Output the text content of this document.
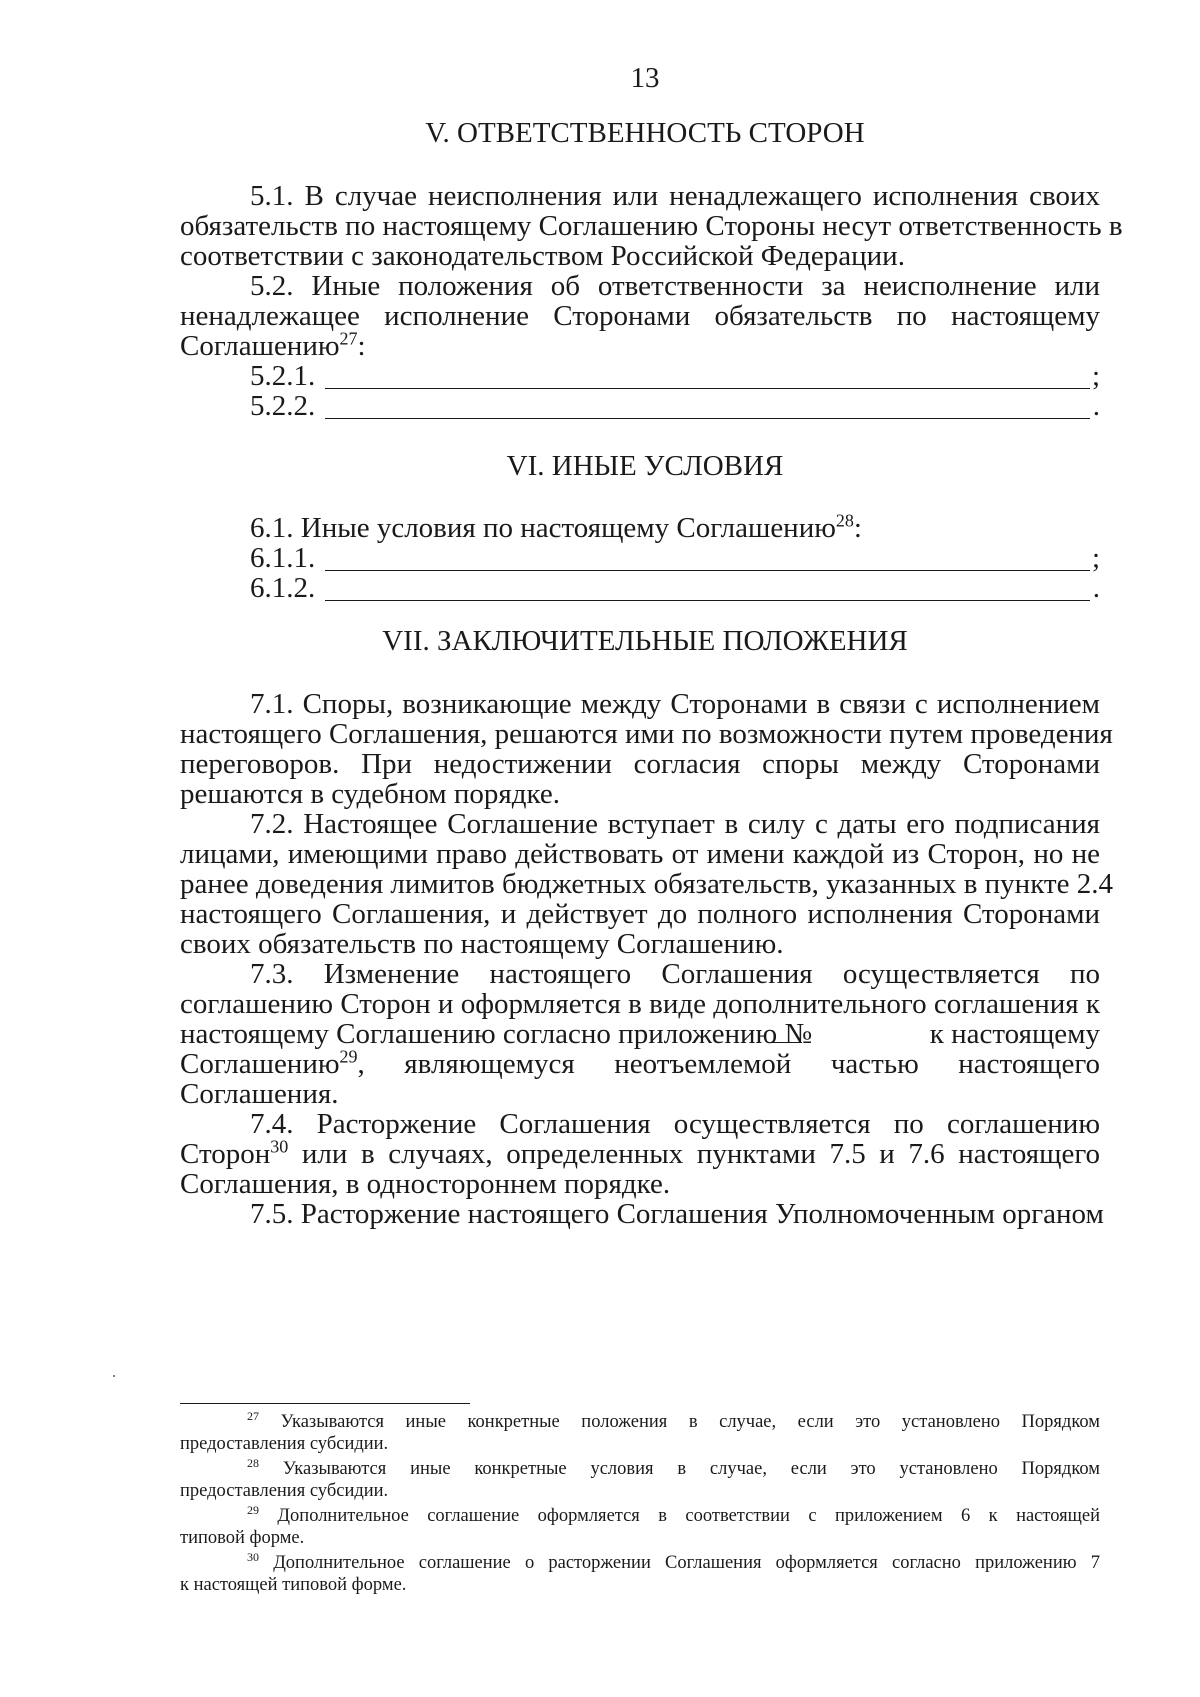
13
V. ОТВЕТСТВЕННОСТЬ СТОРОН
5.1. В случае неисполнения или ненадлежащего исполнения своих
обязательств по настоящему Соглашению Стороны несут ответственность в
соответствии с законодательством Российской Федерации.
5.2. Иные положения об ответственности за неисполнение или
ненадлежащее исполнение Сторонами обязательств по настоящему
Соглашению$^{27}$:
5.2.1.	;
5.2.2.	.
VI. ИНЫЕ УСЛОВИЯ
6.1. Иные условия по настоящему Соглашению$^{28}$:
6.1.1.	;
6.1.2.	.
VII. ЗАКЛЮЧИТЕЛЬНЫЕ ПОЛОЖЕНИЯ
7.1. Споры, возникающие между Сторонами в связи с исполнением
настоящего Соглашения, решаются ими по возможности путем проведения
переговоров. При недостижении согласия споры между Сторонами
решаются в судебном порядке.
7.2. Настоящее Соглашение вступает в силу с даты его подписания
лицами, имеющими право действовать от имени каждой из Сторон, но не
ранее доведения лимитов бюджетных обязательств, указанных в пункте 2.4
настоящего Соглашения, и действует до полного исполнения Сторонами
своих обязательств по настоящему Соглашению.
7.3. Изменение настоящего Соглашения осуществляется по
соглашению Сторон и оформляется в виде дополнительного соглашения к
настоящему Соглашению согласно приложению №	к настоящему
Соглашению$^{29}$, являющемуся неотъемлемой частью настоящего
Соглашения.
7.4. Расторжение Соглашения осуществляется по соглашению
Сторон$^{30}$ или в случаях, определенных пунктами 7.5 и 7.6 настоящего
Соглашения, в одностороннем порядке.
7.5. Расторжение настоящего Соглашения Уполномоченным органом
$^{27}$ Указываются иные конкретные положения в случае, если это установлено Порядком
предоставления субсидии.
$^{28}$ Указываются иные конкретные условия в случае, если это установлено Порядком
предоставления субсидии.
$^{29}$ Дополнительное соглашение оформляется в соответствии с приложением 6 к настоящей
типовой форме.
$^{30}$ Дополнительное соглашение о расторжении Соглашения оформляется согласно приложению 7
к настоящей типовой форме.
